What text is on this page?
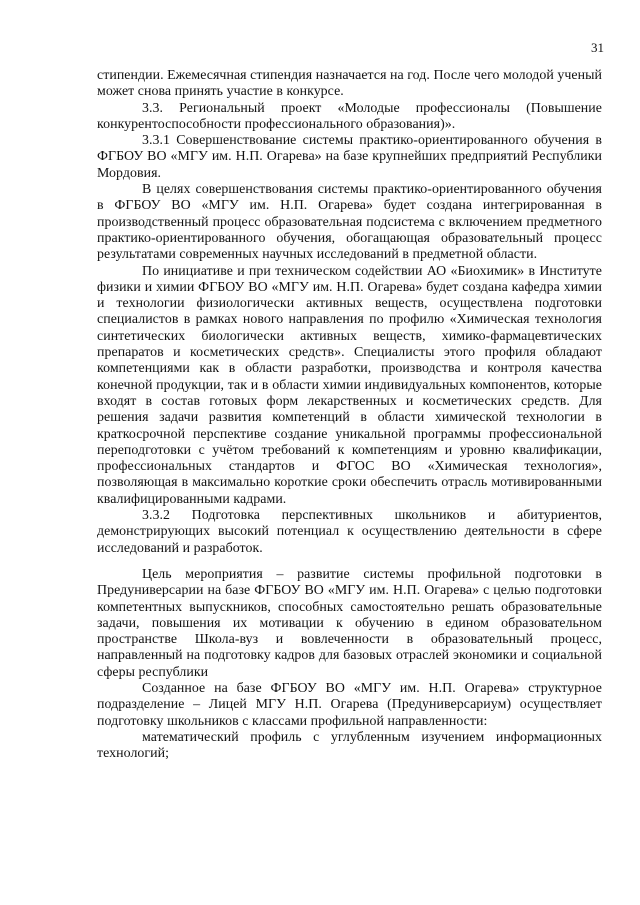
31

стипендии. Ежемесячная стипендия назначается на год. После чего молодой ученый может снова принять участие в конкурсе.

3.3. Региональный проект «Молодые профессионалы (Повышение конкурентоспособности профессионального образования)».

3.3.1 Совершенствование системы практико-ориентированного обучения в ФГБОУ ВО «МГУ им. Н.П. Огарева» на базе крупнейших предприятий Республики Мордовия.

В целях совершенствования системы практико-ориентированного обучения в ФГБОУ ВО «МГУ им. Н.П. Огарева» будет создана интегрированная в производственный процесс образовательная подсистема с включением предметного практико-ориентированного обучения, обогащающая образовательный процесс результатами современных научных исследований в предметной области.

По инициативе и при техническом содействии АО «Биохимик» в Институте физики и химии ФГБОУ ВО «МГУ им. Н.П. Огарева» будет создана кафедра химии и технологии физиологически активных веществ, осуществлена подготовки специалистов в рамках нового направления по профилю «Химическая технология синтетических биологически активных веществ, химико-фармацевтических препаратов и косметических средств». Специалисты этого профиля обладают компетенциями как в области разработки, производства и контроля качества конечной продукции, так и в области химии индивидуальных компонентов, которые входят в состав готовых форм лекарственных и косметических средств. Для решения задачи развития компетенций в области химической технологии в краткосрочной перспективе создание уникальной программы профессиональной переподготовки с учётом требований к компетенциям и уровню квалификации, профессиональных стандартов и ФГОС ВО «Химическая технология», позволяющая в максимально короткие сроки обеспечить отрасль мотивированными квалифицированными кадрами.

3.3.2 Подготовка перспективных школьников и абитуриентов, демонстрирующих высокий потенциал к осуществлению деятельности в сфере исследований и разработок.

Цель мероприятия – развитие системы профильной подготовки в Предуниверсарии на базе ФГБОУ ВО «МГУ им. Н.П. Огарева» с целью подготовки компетентных выпускников, способных самостоятельно решать образовательные задачи, повышения их мотивации к обучению в едином образовательном пространстве Школа-вуз и вовлеченности в образовательный процесс, направленный на подготовку кадров для базовых отраслей экономики и социальной сферы республики

Созданное на базе ФГБОУ ВО «МГУ им. Н.П. Огарева» структурное подразделение – Лицей МГУ Н.П. Огарева (Предуниверсариум) осуществляет подготовку школьников с классами профильной направленности:

математический профиль с углубленным изучением информационных технологий;
